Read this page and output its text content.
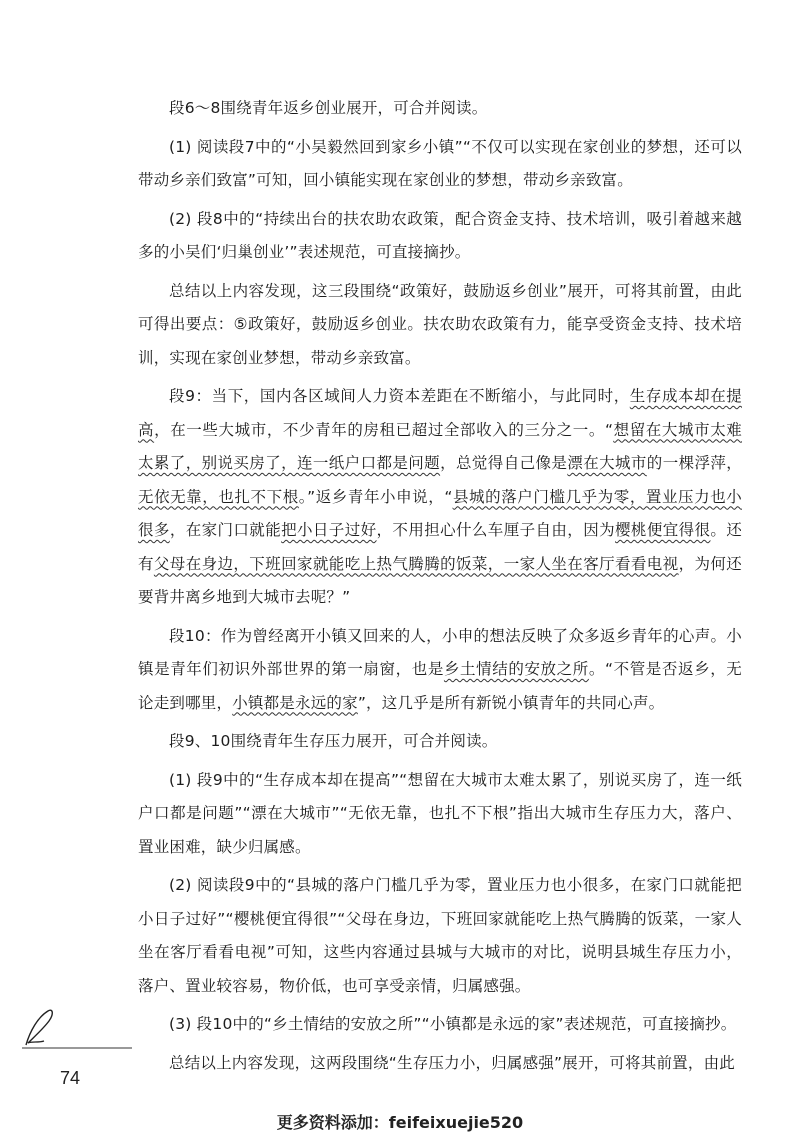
段6～8围绕青年返乡创业展开，可合并阅读。

(1) 阅读段7中的“小吴毅然回到家乡小镇”“不仅可以实现在家创业的梦想，还可以带动乡亲们致富”可知，回小镇能实现在家创业的梦想，带动乡亲致富。

(2) 段8中的“持续出台的扶农助农政策，配合资金支持、技术培训，吸引着越来越多的小吴们‘归巢创业’”表述规范，可直接摘抄。

总结以上内容发现，这三段围绕“政策好，鼓励返乡创业”展开，可将其前置，由此可得出要点：⑤政策好，鼓励返乡创业。扶农助农政策有力，能享受资金支持、技术培训，实现在家创业梦想，带动乡亲致富。

段9：当下，国内各区域间人力资本差距在不断缩小，与此同时，生存成本却在提高，在一些大城市，不少青年的房租已超过全部收入的三分之一。“想留在大城市太难太累了，别说买房了，连一纸户口都是问题，总觉得自己像是漂在大城市的一棵浮萍，无依无靠，也扎不下根。”返乡青年小申说，“县城的落户门槛几乎为零，置业压力也小很多，在家门口就能把小日子过好，不用担心什么车厘子自由，因为樱桃便宜得很。还有父母在身边，下班回家就能吃上热气腾腾的饭菜，一家人坐在客厅看看电视，为何还要背井离乡地到大城市去呢？”

段10：作为曾经离开小镇又回来的人，小申的想法反映了众多返乡青年的心声。小镇是青年们初识外部世界的第一扇窗，也是乡土情结的安放之所。“不管是否返乡，无论走到哪里，小镇都是永远的家”，这几乎是所有新锐小镇青年的共同心声。

段9、10围绕青年生存压力展开，可合并阅读。

(1) 段9中的“生存成本却在提高”“想留在大城市太难太累了，别说买房了，连一纸户口都是问题”“漂在大城市”“无依无靠，也扎不下根”指出大城市生存压力大，落户、置业困难，缺少归属感。

(2) 阅读段9中的“县城的落户门槛几乎为零，置业压力也小很多，在家门口就能把小日子过好”“樱桃便宜得很”“父母在身边，下班回家就能吃上热气腾腾的饭菜，一家人坐在客厅看看电视”可知，这些内容通过县城与大城市的对比，说明县城生存压力小，落户、置业较容易，物价低，也可享受亲情，归属感强。

(3) 段10中的“乡土情结的安放之所”“小镇都是永远的家”表述规范，可直接摘抄。

总结以上内容发现，这两段围绕“生存压力小，归属感强”展开，可将其前置，由此

74
更多资料添加：feifeixuejie520
